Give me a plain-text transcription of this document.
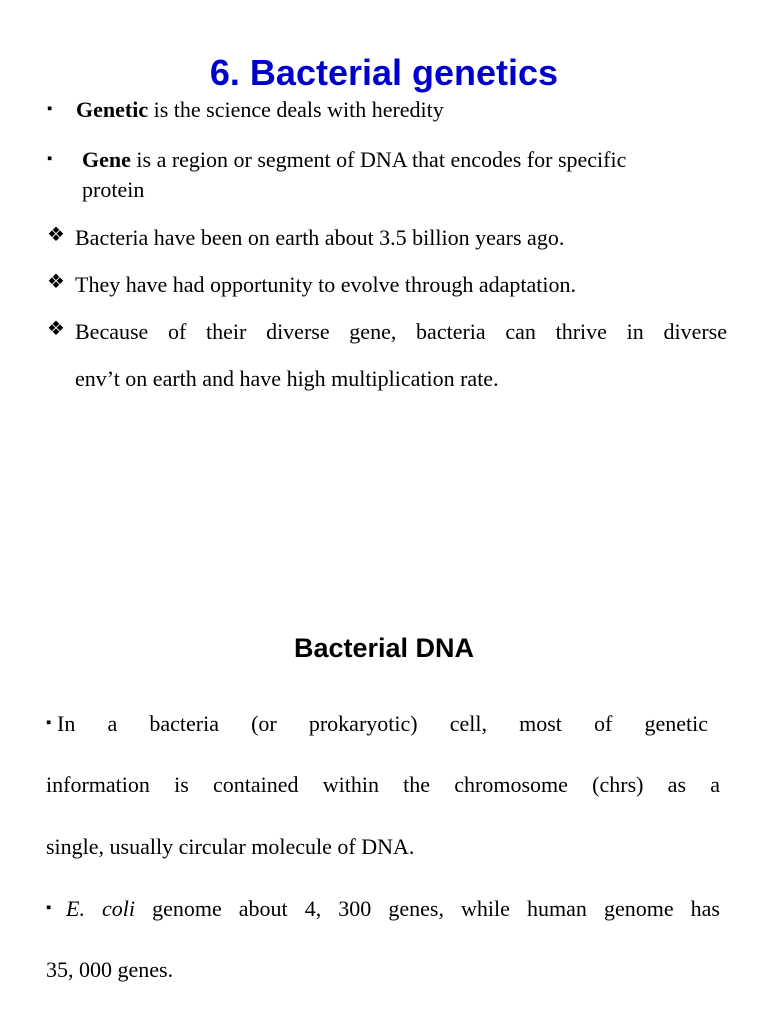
6. Bacterial genetics
▪ Genetic is the science deals with heredity
▪ Gene is a region or segment of DNA that encodes for specific
protein
❖ Bacteria have been on earth about 3.5 billion years ago.
❖ They have had opportunity to evolve through adaptation.
❖ Because of their diverse gene, bacteria can thrive in diverse
env’t on earth and have high multiplication rate.
Bacterial DNA
▪ In a bacteria (or prokaryotic) cell, most of genetic
information is contained within the chromosome (chrs) as a
single, usually circular molecule of DNA.
▪ E. coli genome about 4, 300 genes, while human genome has
35, 000 genes.
